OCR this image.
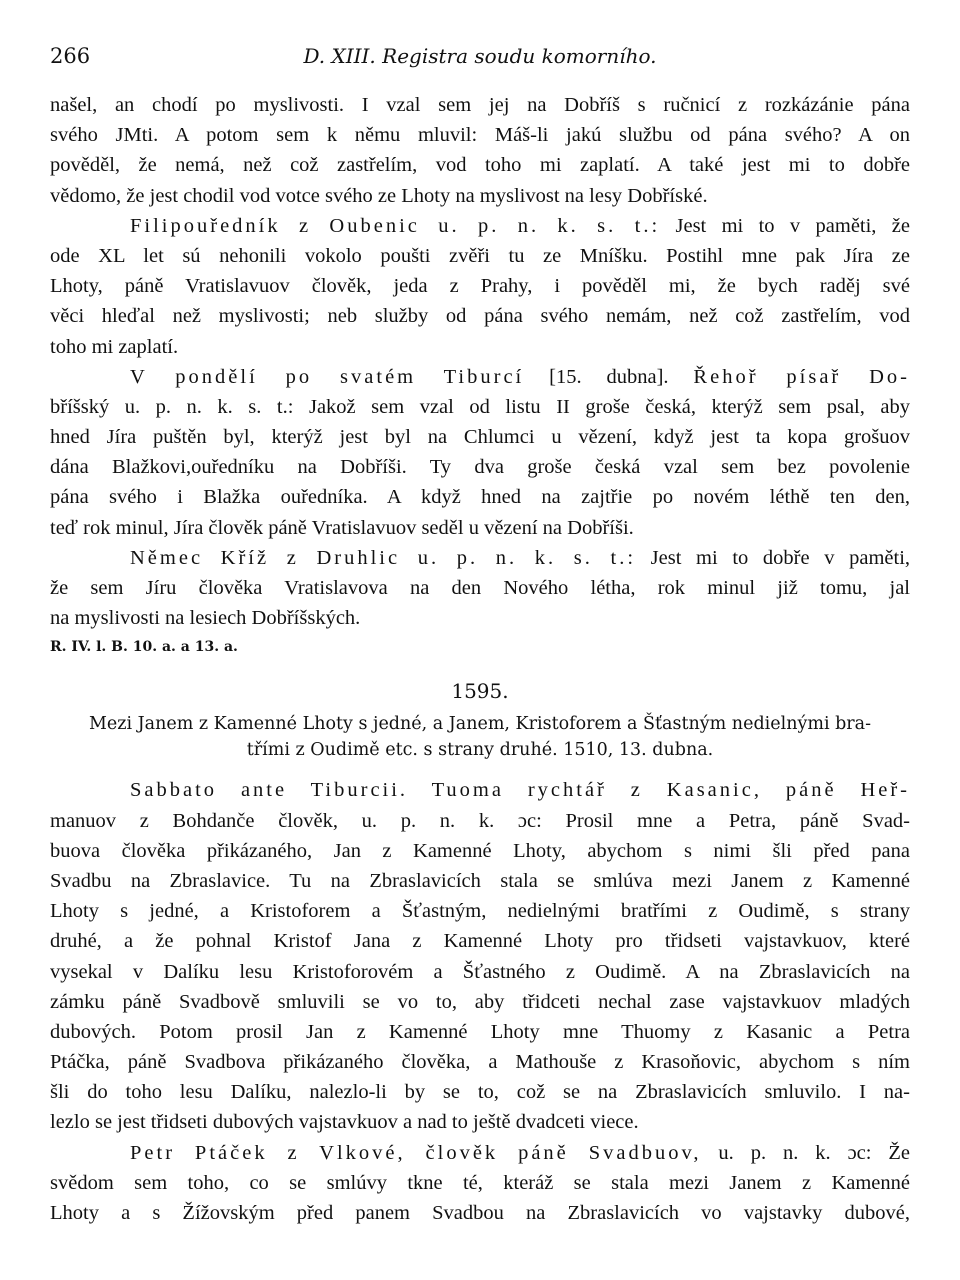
266	D. XIII. Registra soudu komorního.
našel, an chodí po myslivosti. I vzal sem jej na Dobříš s ručnicí z rozkázánie pána
svého JMti. A potom sem k němu mluvil: Máš-li jakú službu od pána svého? A on
pověděl, že nemá, než což zastřelím, vod toho mi zaplatí. A také jest mi to dobře
vědomo, že jest chodil vod votce svého ze Lhoty na myslivost na lesy Dobříské.
Filipouředník z Oubenic u. p. n. k. s. t.: Jest mi to v paměti, že
ode XL let sú nehonili vokolo poušti zvěři tu ze Mníšku. Postihl mne pak Jíra ze
Lhoty, páně Vratislavuov člověk, jeda z Prahy, i pověděl mi, že bych raděj své
věci hleďal než myslivosti; neb služby od pána svého nemám, než což zastřelím, vod
toho mi zaplatí.
V pondělí po svatém Tiburcí [15. dubna]. Řehoř písař Do-
bříšský u. p. n. k. s. t.: Jakož sem vzal od listu II groše česká, kterýž sem psal, aby
hned Jíra puštěn byl, kterýž jest byl na Chlumci u vězení, když jest ta kopa grošuov
dána Blažkovi,ouředníku na Dobříši. Ty dva groše česká vzal sem bez povolenie
pána svého i Blažka ouředníka. A když hned na zajtřie po novém léthě ten den,
teď rok minul, Jíra člověk páně Vratislavuov seděl u vězení na Dobříši.
Němec Kříž z Druhlic u. p. n. k. s. t.: Jest mi to dobře v paměti,
že sem Jíru člověka Vratislavova na den Nového létha, rok minul již tomu, jal
na myslivosti na lesiech Dobříšských.
R. IV. l. B. 10. a. a 13. a.
1595.
Mezi Janem z Kamenné Lhoty s jedné, a Janem, Kristoforem a Šťastným nedielnými bra-
třími z Oudimě etc. s strany druhé. 1510, 13. dubna.
Sabbato ante Tiburcii. Tuoma rychtář z Kasanic, páně Heř-
manuov z Bohdanče člověk, u. p. n. k. ɔc: Prosil mne a Petra, páně Svad-
buova člověka přikázaného, Jan z Kamenné Lhoty, abychom s nimi šli před pana
Svadbu na Zbraslavice. Tu na Zbraslavicích stala se smlúva mezi Janem z Kamenné
Lhoty s jedné, a Kristoforem a Šťastným, nedielnými bratřími z Oudimě, s strany
druhé, a že pohnal Kristof Jana z Kamenné Lhoty pro třidseti vajstavkuov, které
vysekal v Dalíku lesu Kristoforovém a Šťastného z Oudimě. A na Zbraslavicích na
zámku páně Svadbově smluvili se vo to, aby třidceti nechal zase vajstavkuov mladých
dubových. Potom prosil Jan z Kamenné Lhoty mne Thuomy z Kasanic a Petra
Ptáčka, páně Svadbova přikázaného člověka, a Mathouše z Krasoňovic, abychom s ním
šli do toho lesu Dalíku, nalezlo-li by se to, což se na Zbraslavicích smluvilo. I na-
lezlo se jest třidseti dubových vajstavkuov a nad to ještě dvadceti viece.
Petr Ptáček z Vlkové, člověk páně Svadbuov, u. p. n. k. ɔc: Že
svědom sem toho, co se smlúvy tkne té, kteráž se stala mezi Janem z Kamenné
Lhoty a s Žížovským před panem Svadbou na Zbraslavicích vo vajstavky dubové,
